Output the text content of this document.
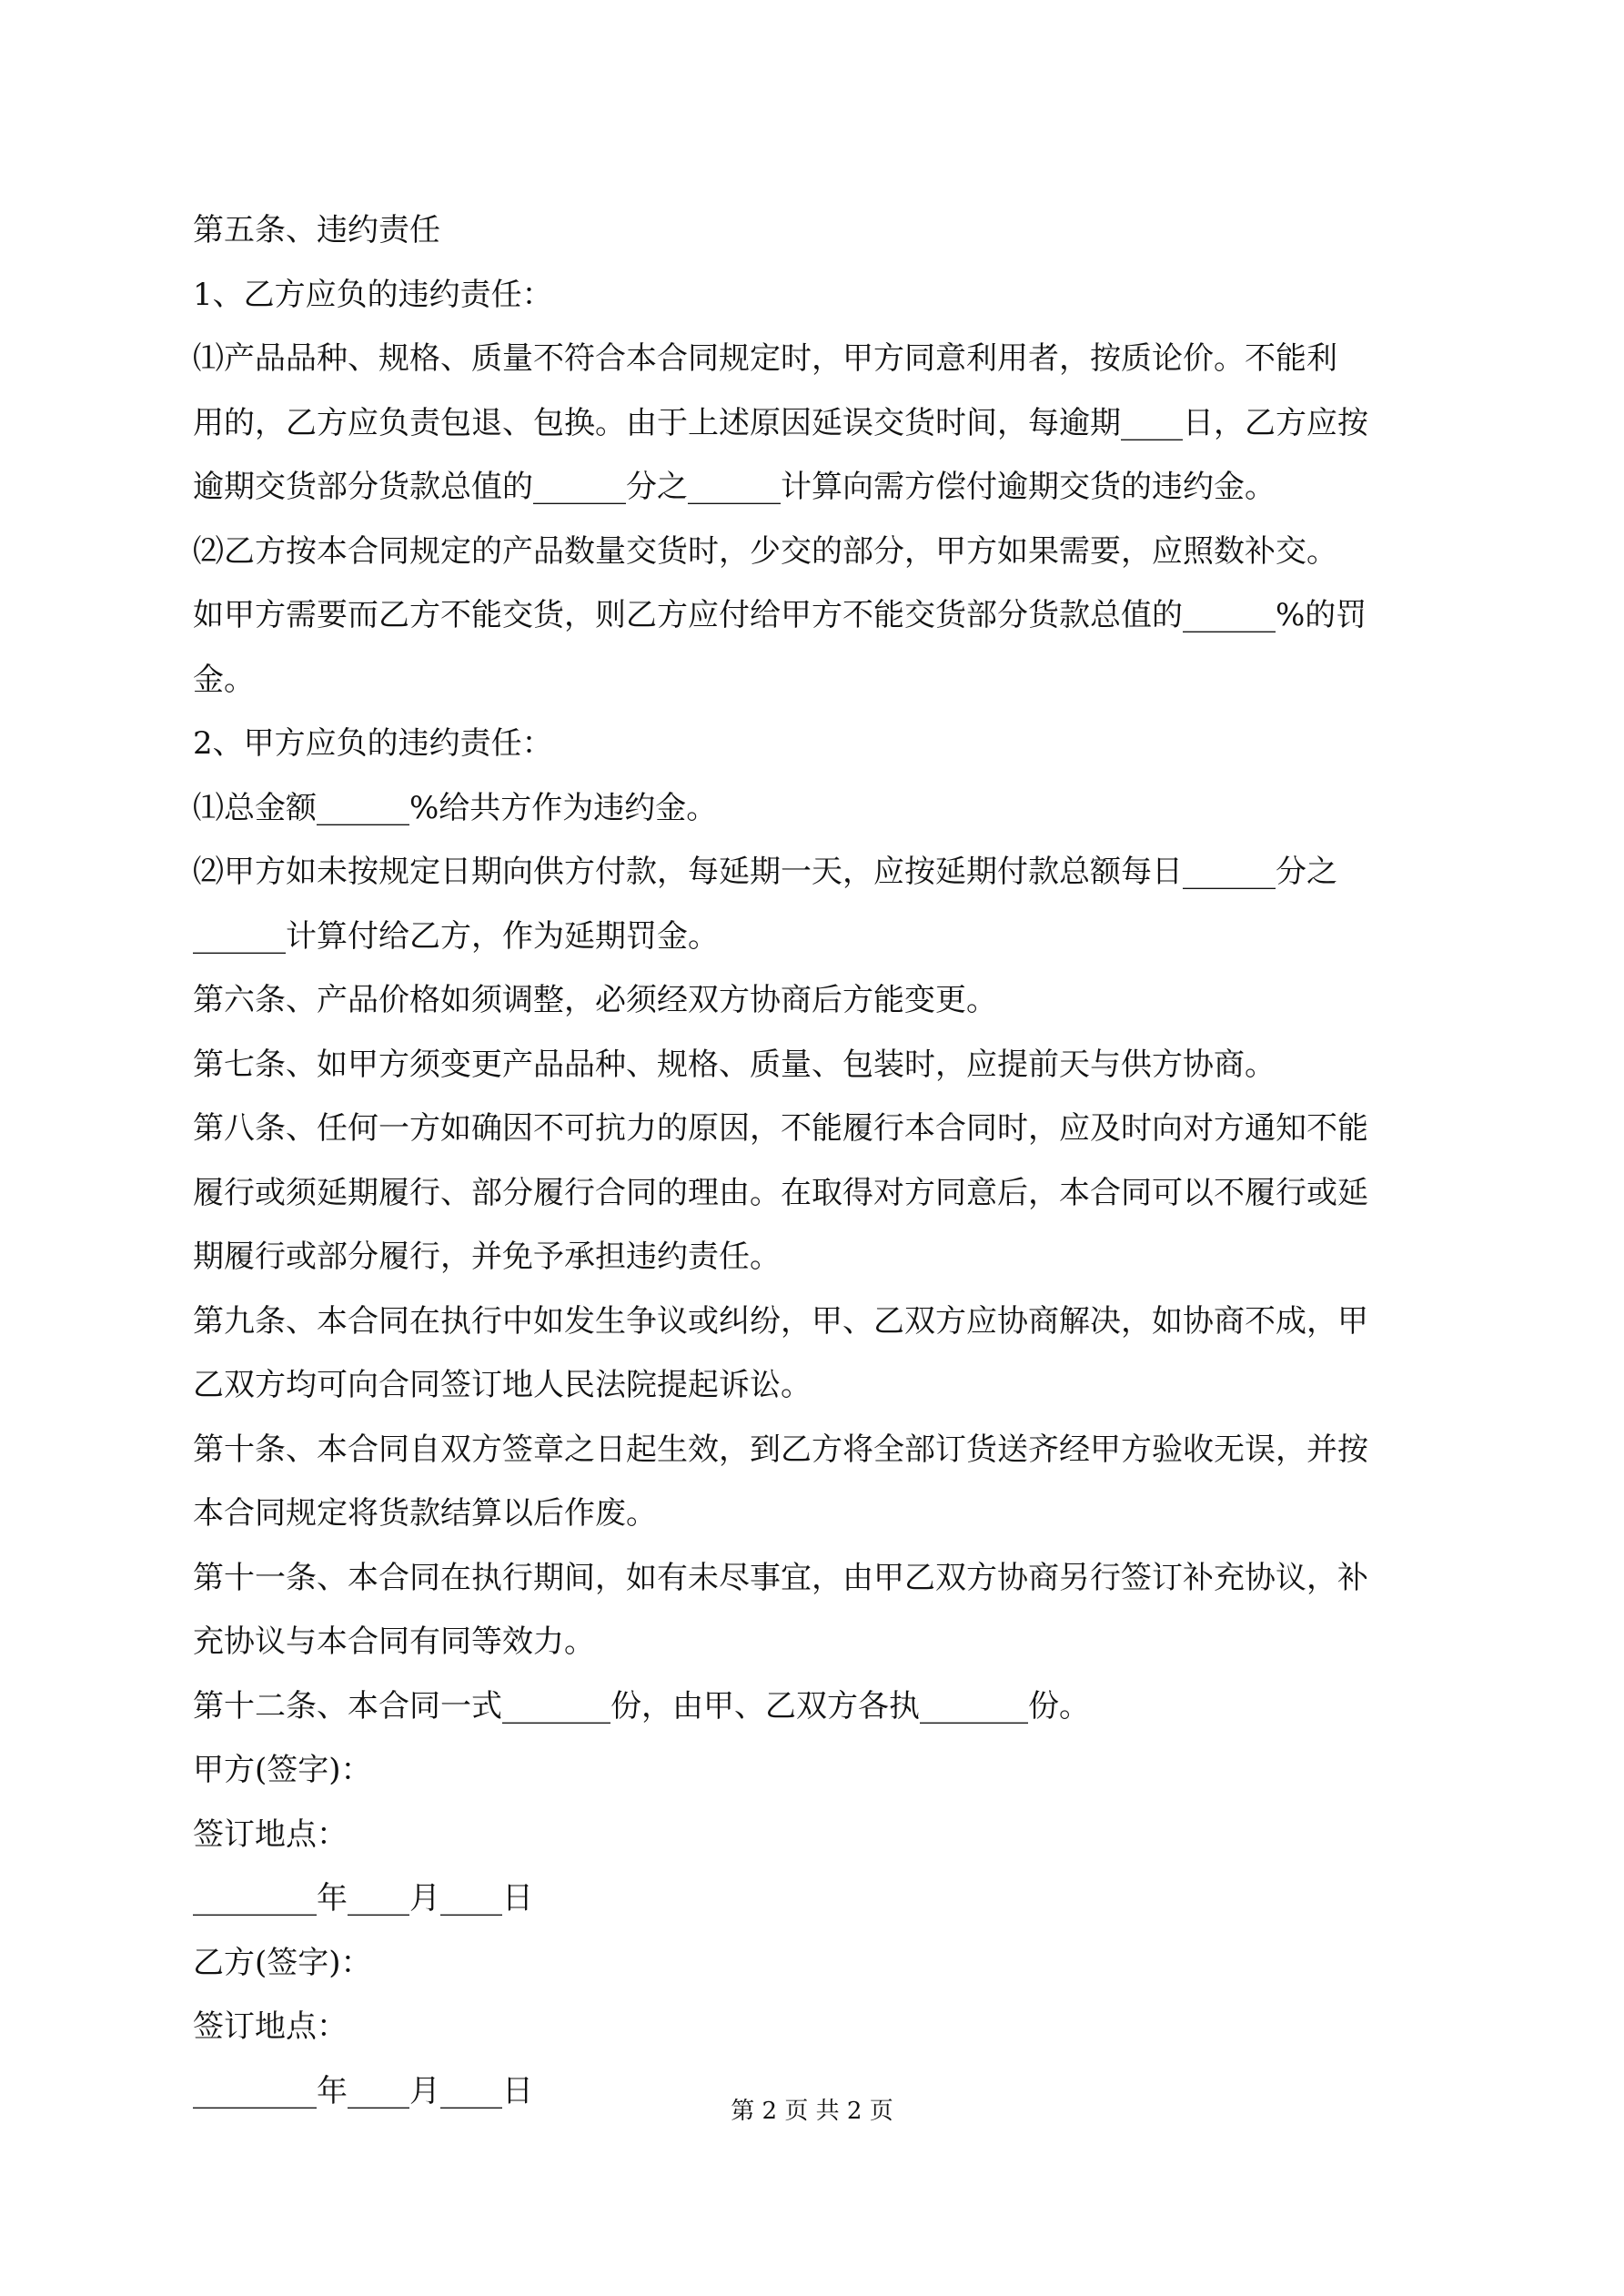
第五条、违约责任
1、乙方应负的违约责任：
⑴产品品种、规格、质量不符合本合同规定时，甲方同意利用者，按质论价。不能利
用的，乙方应负责包退、包换。由于上述原因延误交货时间，每逾期____日，乙方应按
逾期交货部分货款总值的______分之______计算向需方偿付逾期交货的违约金。
⑵乙方按本合同规定的产品数量交货时，少交的部分，甲方如果需要，应照数补交。
如甲方需要而乙方不能交货，则乙方应付给甲方不能交货部分货款总值的______%的罚
金。
2、甲方应负的违约责任：
⑴总金额______%给共方作为违约金。
⑵甲方如未按规定日期向供方付款，每延期一天，应按延期付款总额每日______分之
______计算付给乙方，作为延期罚金。
第六条、产品价格如须调整，必须经双方协商后方能变更。
第七条、如甲方须变更产品品种、规格、质量、包装时，应提前天与供方协商。
第八条、任何一方如确因不可抗力的原因，不能履行本合同时，应及时向对方通知不能
履行或须延期履行、部分履行合同的理由。在取得对方同意后，本合同可以不履行或延
期履行或部分履行，并免予承担违约责任。
第九条、本合同在执行中如发生争议或纠纷，甲、乙双方应协商解决，如协商不成，甲
乙双方均可向合同签订地人民法院提起诉讼。
第十条、本合同自双方签章之日起生效，到乙方将全部订货送齐经甲方验收无误，并按
本合同规定将货款结算以后作废。
第十一条、本合同在执行期间，如有未尽事宜，由甲乙双方协商另行签订补充协议，补
充协议与本合同有同等效力。
第十二条、本合同一式_______份，由甲、乙双方各执_______份。
甲方(签字)：
签订地点：
________年____月____日
乙方(签字)：
签订地点：
________年____月____日
第 2 页 共 2 页
